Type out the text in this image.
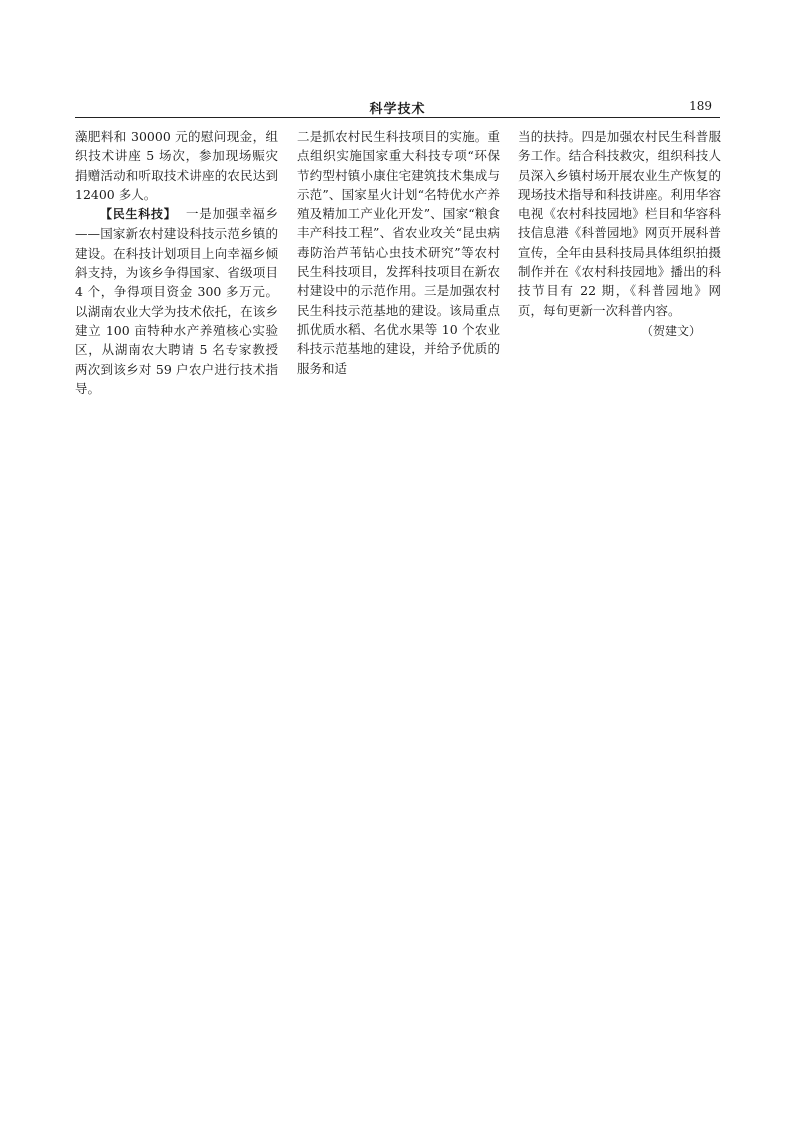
科学技术	189

藻肥料和 30000 元的慰问现金，组织技术讲座 5 场次，参加现场赈灾捐赠活动和听取技术讲座的农民达到 12400 多人。

【民生科技】 一是加强幸福乡——国家新农村建设科技示范乡镇的建设。在科技计划项目上向幸福乡倾斜支持，为该乡争得国家、省级项目 4 个，争得项目资金 300 多万元。以湖南农业大学为技术依托，在该乡建立 100 亩特种水产养殖核心实验区，从湖南农大聘请 5 名专家教授两次到该乡对 59 户农户进行技术指导。

二是抓农村民生科技项目的实施。重点组织实施国家重大科技专项“环保节约型村镇小康住宅建筑技术集成与示范”、国家星火计划“名特优水产养殖及精加工产业化开发”、国家“粮食丰产科技工程”、省农业攻关“昆虫病毒防治芦苇钻心虫技术研究”等农村民生科技项目，发挥科技项目在新农村建设中的示范作用。三是加强农村民生科技示范基地的建设。该局重点抓优质水稻、名优水果等 10 个农业科技示范基地的建设，并给予优质的服务和适

当的扶持。四是加强农村民生科普服务工作。结合科技救灾，组织科技人员深入乡镇村场开展农业生产恢复的现场技术指导和科技讲座。利用华容电视《农村科技园地》栏目和华容科技信息港《科普园地》网页开展科普宣传，全年由县科技局具体组织拍摄制作并在《农村科技园地》播出的科技节目有 22 期，《科普园地》网页，每旬更新一次科普内容。

（贺建文）
